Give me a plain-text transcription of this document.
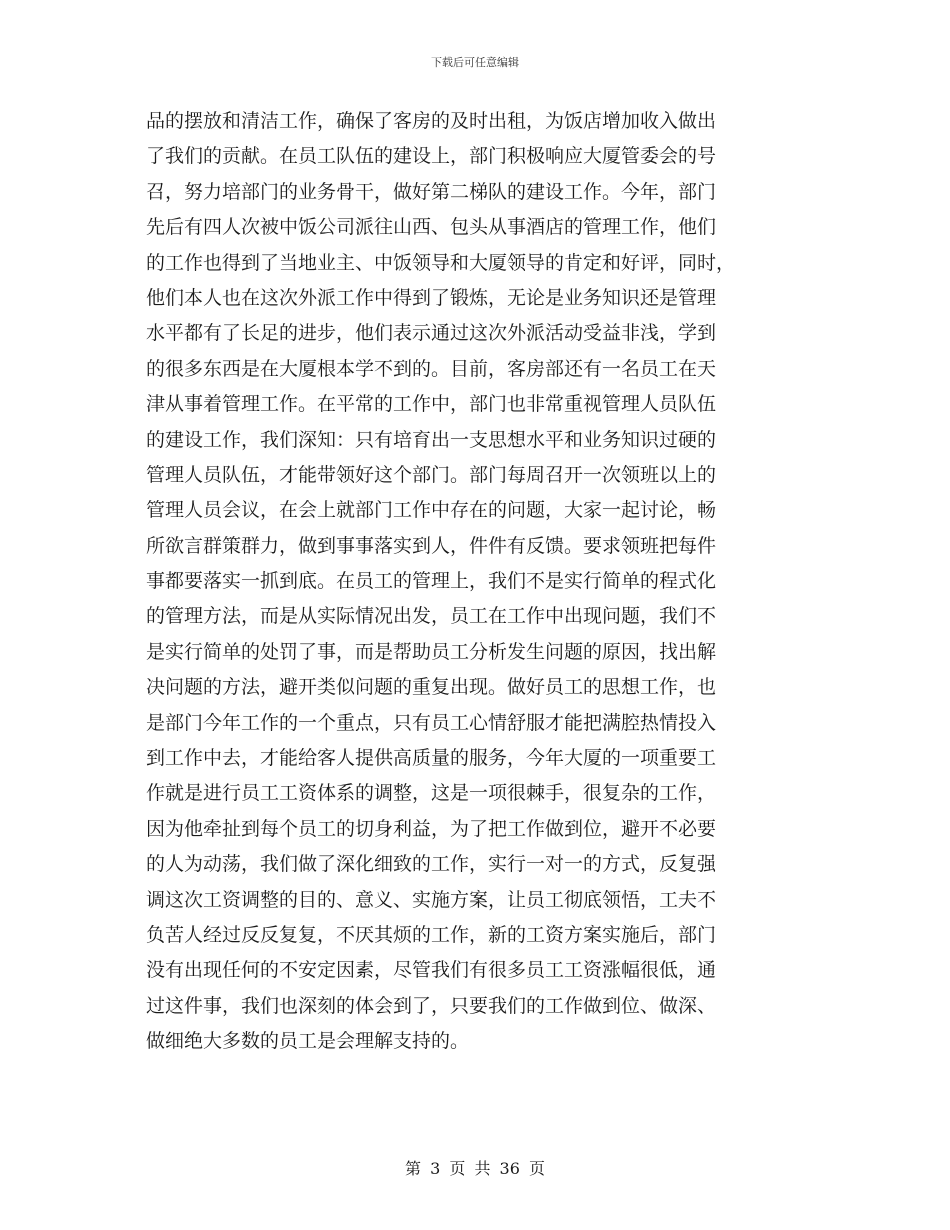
下载后可任意编辑
品的摆放和清洁工作，确保了客房的及时出租，为饭店增加收入做出
了我们的贡献。在员工队伍的建设上，部门积极响应大厦管委会的号
召，努力培部门的业务骨干，做好第二梯队的建设工作。今年，部门
先后有四人次被中饭公司派往山西、包头从事酒店的管理工作，他们
的工作也得到了当地业主、中饭领导和大厦领导的肯定和好评，同时，
他们本人也在这次外派工作中得到了锻炼，无论是业务知识还是管理
水平都有了长足的进步，他们表示通过这次外派活动受益非浅，学到
的很多东西是在大厦根本学不到的。目前，客房部还有一名员工在天
津从事着管理工作。在平常的工作中，部门也非常重视管理人员队伍
的建设工作，我们深知：只有培育出一支思想水平和业务知识过硬的
管理人员队伍，才能带领好这个部门。部门每周召开一次领班以上的
管理人员会议，在会上就部门工作中存在的问题，大家一起讨论，畅
所欲言群策群力，做到事事落实到人，件件有反馈。要求领班把每件
事都要落实一抓到底。在员工的管理上，我们不是实行简单的程式化
的管理方法，而是从实际情况出发，员工在工作中出现问题，我们不
是实行简单的处罚了事，而是帮助员工分析发生问题的原因，找出解
决问题的方法，避开类似问题的重复出现。做好员工的思想工作，也
是部门今年工作的一个重点，只有员工心情舒服才能把满腔热情投入
到工作中去，才能给客人提供高质量的服务，今年大厦的一项重要工
作就是进行员工工资体系的调整，这是一项很棘手，很复杂的工作，
因为他牵扯到每个员工的切身利益，为了把工作做到位，避开不必要
的人为动荡，我们做了深化细致的工作，实行一对一的方式，反复强
调这次工资调整的目的、意义、实施方案，让员工彻底领悟，工夫不
负苦人经过反反复复，不厌其烦的工作，新的工资方案实施后，部门
没有出现任何的不安定因素，尽管我们有很多员工工资涨幅很低，通
过这件事，我们也深刻的体会到了，只要我们的工作做到位、做深、
做细绝大多数的员工是会理解支持的。
第 3 页 共 36 页
